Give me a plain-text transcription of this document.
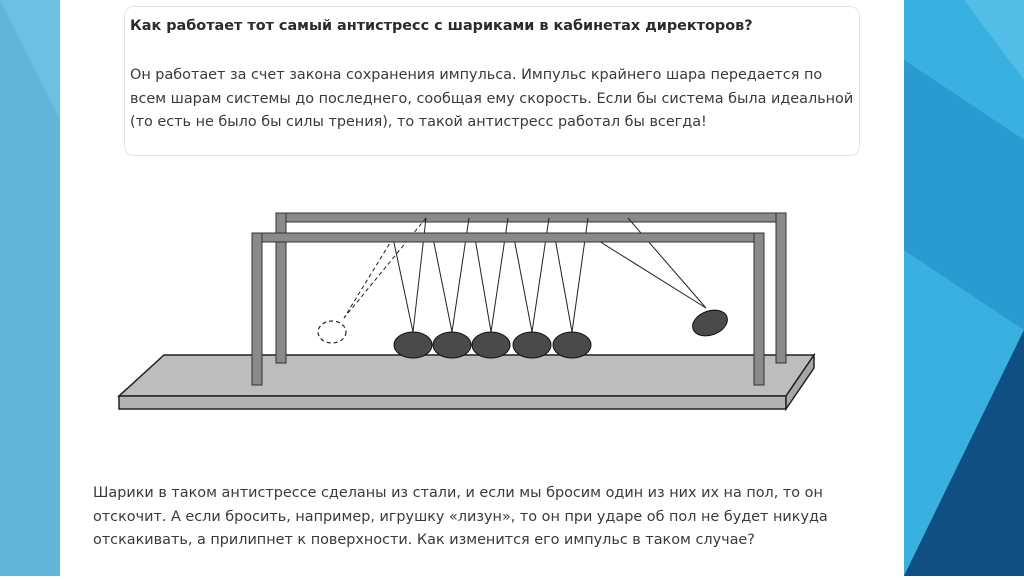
Как работает тот самый антистресс с шариками в кабинетах директоров?
Он работает за счет закона сохранения импульса. Импульс крайнего шара передается по всем шарам системы до последнего, сообщая ему скорость. Если бы система была идеальной (то есть не было бы силы трения), то такой антистресс работал бы всегда!
Шарики в таком антистрессе сделаны из стали, и если мы бросим один из них их на пол, то он отскочит. А если бросить, например, игрушку «лизун», то он при ударе об пол не будет никуда отскакивать, а прилипнет к поверхности. Как изменится его импульс в таком случае?
